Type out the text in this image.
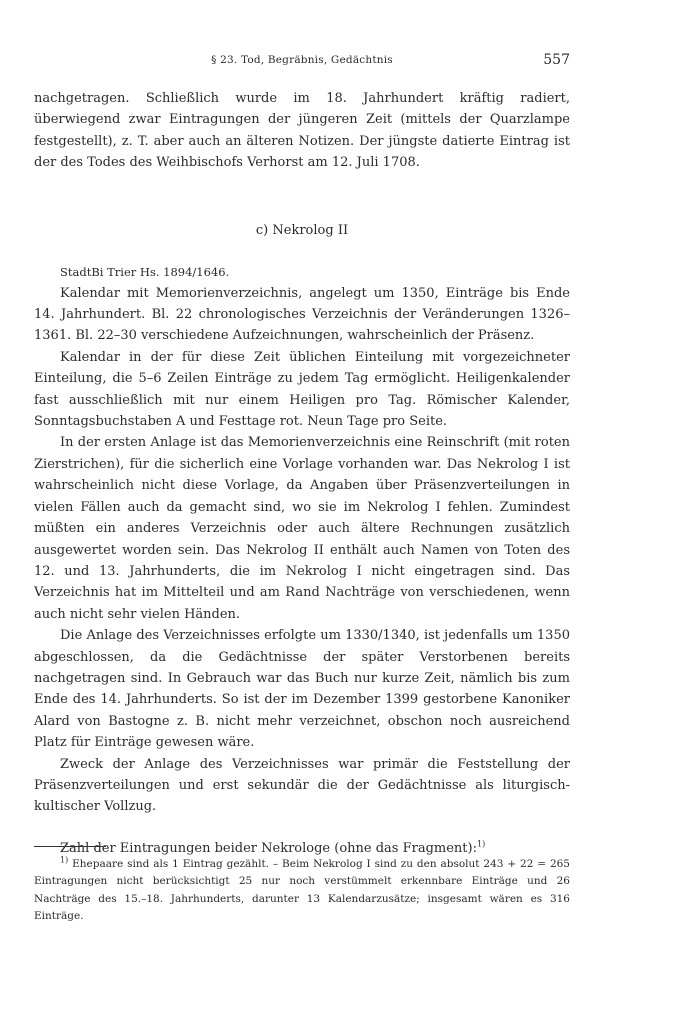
§ 23. Tod, Begräbnis, Gedächtnis	557

nachgetragen. Schließlich wurde im 18. Jahrhundert kräftig radiert, überwiegend zwar Eintragungen der jüngeren Zeit (mittels der Quarzlampe festgestellt), z. T. aber auch an älteren Notizen. Der jüngste datierte Eintrag ist der des Todes des Weihbischofs Verhorst am 12. Juli 1708.

c) Nekrolog II
StadtBi Trier Hs. 1894/1646.

Kalendar mit Memorienverzeichnis, angelegt um 1350, Einträge bis Ende 14. Jahrhundert. Bl. 22 chronologisches Verzeichnis der Veränderungen 1326–1361. Bl. 22–30 verschiedene Aufzeichnungen, wahrscheinlich der Präsenz.

Kalendar in der für diese Zeit üblichen Einteilung mit vorgezeichneter Einteilung, die 5–6 Zeilen Einträge zu jedem Tag ermöglicht. Heiligenkalender fast ausschließlich mit nur einem Heiligen pro Tag. Römischer Kalender, Sonntagsbuchstaben A und Festtage rot. Neun Tage pro Seite.

In der ersten Anlage ist das Memorienverzeichnis eine Reinschrift (mit roten Zierstrichen), für die sicherlich eine Vorlage vorhanden war. Das Nekrolog I ist wahrscheinlich nicht diese Vorlage, da Angaben über Präsenzverteilungen in vielen Fällen auch da gemacht sind, wo sie im Nekrolog I fehlen. Zumindest müßten ein anderes Verzeichnis oder auch ältere Rechnungen zusätzlich ausgewertet worden sein. Das Nekrolog II enthält auch Namen von Toten des 12. und 13. Jahrhunderts, die im Nekrolog I nicht eingetragen sind. Das Verzeichnis hat im Mittelteil und am Rand Nachträge von verschiedenen, wenn auch nicht sehr vielen Händen.

Die Anlage des Verzeichnisses erfolgte um 1330/1340, ist jedenfalls um 1350 abgeschlossen, da die Gedächtnisse der später Verstorbenen bereits nachgetragen sind. In Gebrauch war das Buch nur kurze Zeit, nämlich bis zum Ende des 14. Jahrhunderts. So ist der im Dezember 1399 gestorbene Kanoniker Alard von Bastogne z. B. nicht mehr verzeichnet, obschon noch ausreichend Platz für Einträge gewesen wäre.

Zweck der Anlage des Verzeichnisses war primär die Feststellung der Präsenzverteilungen und erst sekundär die der Gedächtnisse als liturgisch-kultischer Vollzug.

Zahl der Eintragungen beider Nekrologe (ohne das Fragment):$^{1)}$

$^{1)}$ Ehepaare sind als 1 Eintrag gezählt. – Beim Nekrolog I sind zu den absolut 243 + 22 = 265 Eintragungen nicht berücksichtigt 25 nur noch verstümmelt erkennbare Einträge und 26 Nachträge des 15.–18. Jahrhunderts, darunter 13 Kalendarzusätze; insgesamt wären es 316 Einträge.
